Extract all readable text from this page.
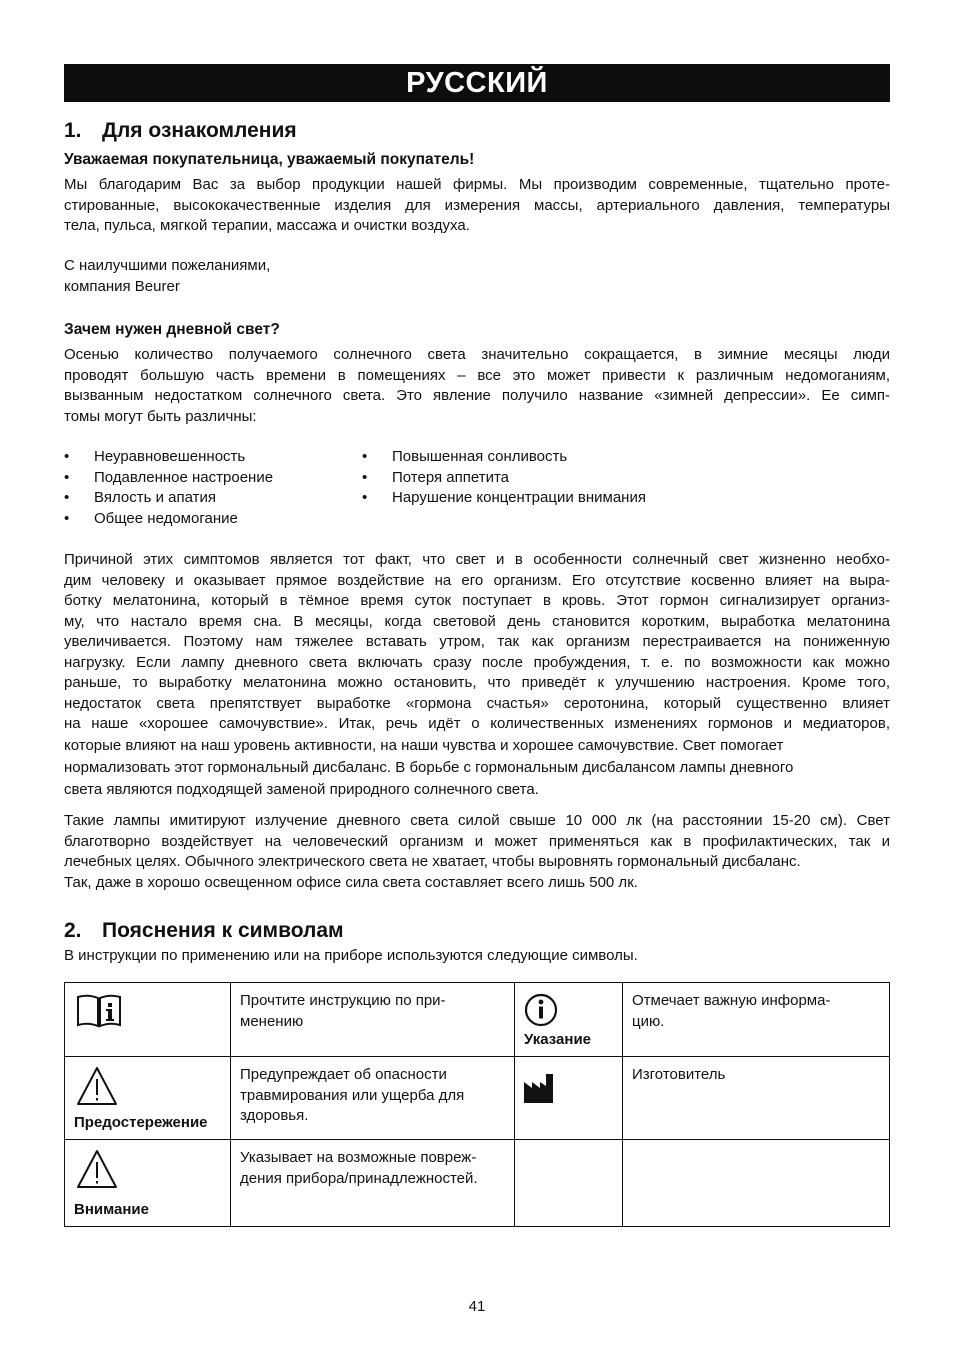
РУССКИЙ
1. Для ознакомления
Уважаемая покупательница, уважаемый покупатель!
Мы благодарим Вас за выбор продукции нашей фирмы. Мы производим современные, тщательно проте-
стированные, высококачественные изделия для измерения массы, артериального давления, температуры
тела, пульса, мягкой терапии, массажа и очистки воздуха.
С наилучшими пожеланиями,
компания Beurer
Зачем нужен дневной свет?
Осенью количество получаемого солнечного света значительно сокращается, в зимние месяцы люди
проводят большую часть времени в помещениях – все это может привести к различным недомоганиям,
вызванным недостатком солнечного света. Это явление получило название «зимней депрессии». Ее симп-
томы могут быть различны:
• Неуравновешенность
• Подавленное настроение
• Вялость и апатия
• Общее недомогание
• Повышенная сонливость
• Потеря аппетита
• Нарушение концентрации внимания
Причиной этих симптомов является тот факт, что свет и в особенности солнечный свет жизненно необхо-
дим человеку и оказывает прямое воздействие на его организм. Его отсутствие косвенно влияет на выра-
ботку мелатонина, который в тёмное время суток поступает в кровь. Этот гормон сигнализирует организ-
му, что настало время сна. В месяцы, когда световой день становится коротким, выработка мелатонина
увеличивается. Поэтому нам тяжелее вставать утром, так как организм перестраивается на пониженную
нагрузку. Если лампу дневного света включать сразу после пробуждения, т. е. по возможности как можно
раньше, то выработку мелатонина можно остановить, что приведёт к улучшению настроения. Кроме того,
недостаток света препятствует выработке «гормона счастья» серотонина, который существенно влияет
на наше «хорошее самочувствие». Итак, речь идёт о количественных изменениях гормонов и медиаторов,
которые влияют на наш уровень активности, на наши чувства и хорошее самочувствие. Свет помогает
нормализовать этот гормональный дисбаланс. В борьбе с гормональным дисбалансом лампы дневного
света являются подходящей заменой природного солнечного света.
Такие лампы имитируют излучение дневного света силой свыше 10 000 лк (на расстоянии 15-20 см). Свет
благотворно воздействует на человеческий организм и может применяться как в профилактических, так и
лечебных целях. Обычного электрического света не хватает, чтобы выровнять гормональный дисбаланс.
Так, даже в хорошо освещенном офисе сила света составляет всего лишь 500 лк.
2. Пояснения к символам
В инструкции по применению или на приборе используются следующие символы.

Прочтите инструкцию по при-
менению	Указание	Отмечает важную информа-
цию.

Предостережение	Предупреждает об опасности
травмирования или ущерба для
здоровья.		Изготовитель

Внимание	Указывает на возможные повреж-
дения прибора/принадлежностей.		

41
